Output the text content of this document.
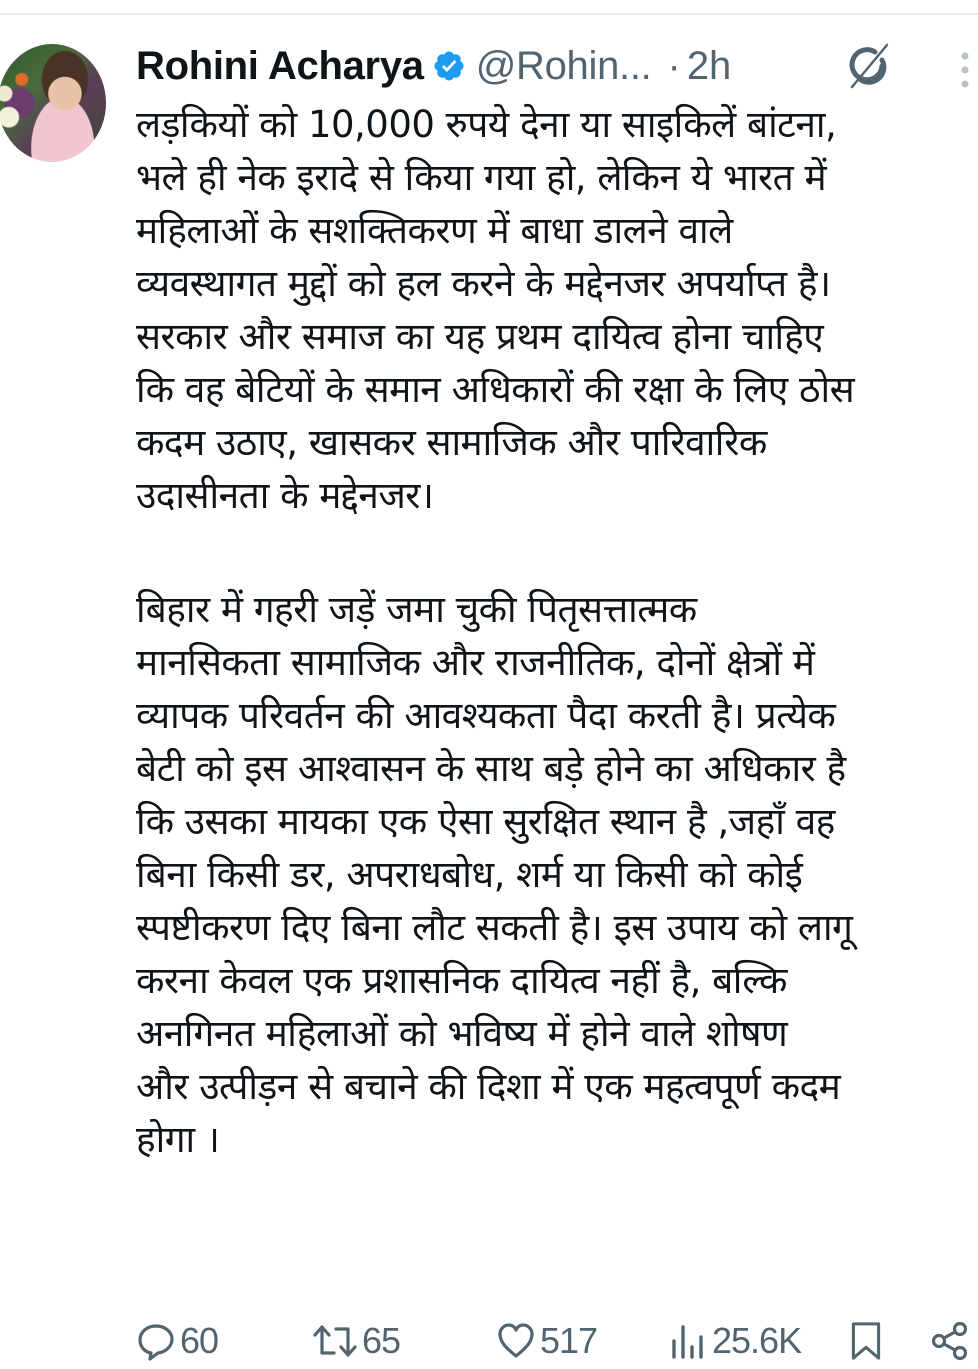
Rohini Acharya @Rohin... · 2h
लड़कियों को 10,000 रुपये देना या साइकिलें बांटना,
भले ही नेक इरादे से किया गया हो, लेकिन ये भारत में
महिलाओं के सशक्तिकरण में बाधा डालने वाले
व्यवस्थागत मुद्दों को हल करने के मद्देनजर अपर्याप्त है।
सरकार और समाज का यह प्रथम दायित्व होना चाहिए
कि वह बेटियों के समान अधिकारों की रक्षा के लिए ठोस
कदम उठाए, खासकर सामाजिक और पारिवारिक
उदासीनता के मद्देनजर।
बिहार में गहरी जड़ें जमा चुकी पितृसत्तात्मक
मानसिकता सामाजिक और राजनीतिक, दोनों क्षेत्रों में
व्यापक परिवर्तन की आवश्यकता पैदा करती है। प्रत्येक
बेटी को इस आश्वासन के साथ बड़े होने का अधिकार है
कि उसका मायका एक ऐसा सुरक्षित स्थान है ,जहाँ वह
बिना किसी डर, अपराधबोध, शर्म या किसी को कोई
स्पष्टीकरण दिए बिना लौट सकती है। इस उपाय को लागू
करना केवल एक प्रशासनिक दायित्व नहीं है, बल्कि
अनगिनत महिलाओं को भविष्य में होने वाले शोषण
और उत्पीड़न से बचाने की दिशा में एक महत्वपूर्ण कदम
होगा ।
60	65	517	25.6K
